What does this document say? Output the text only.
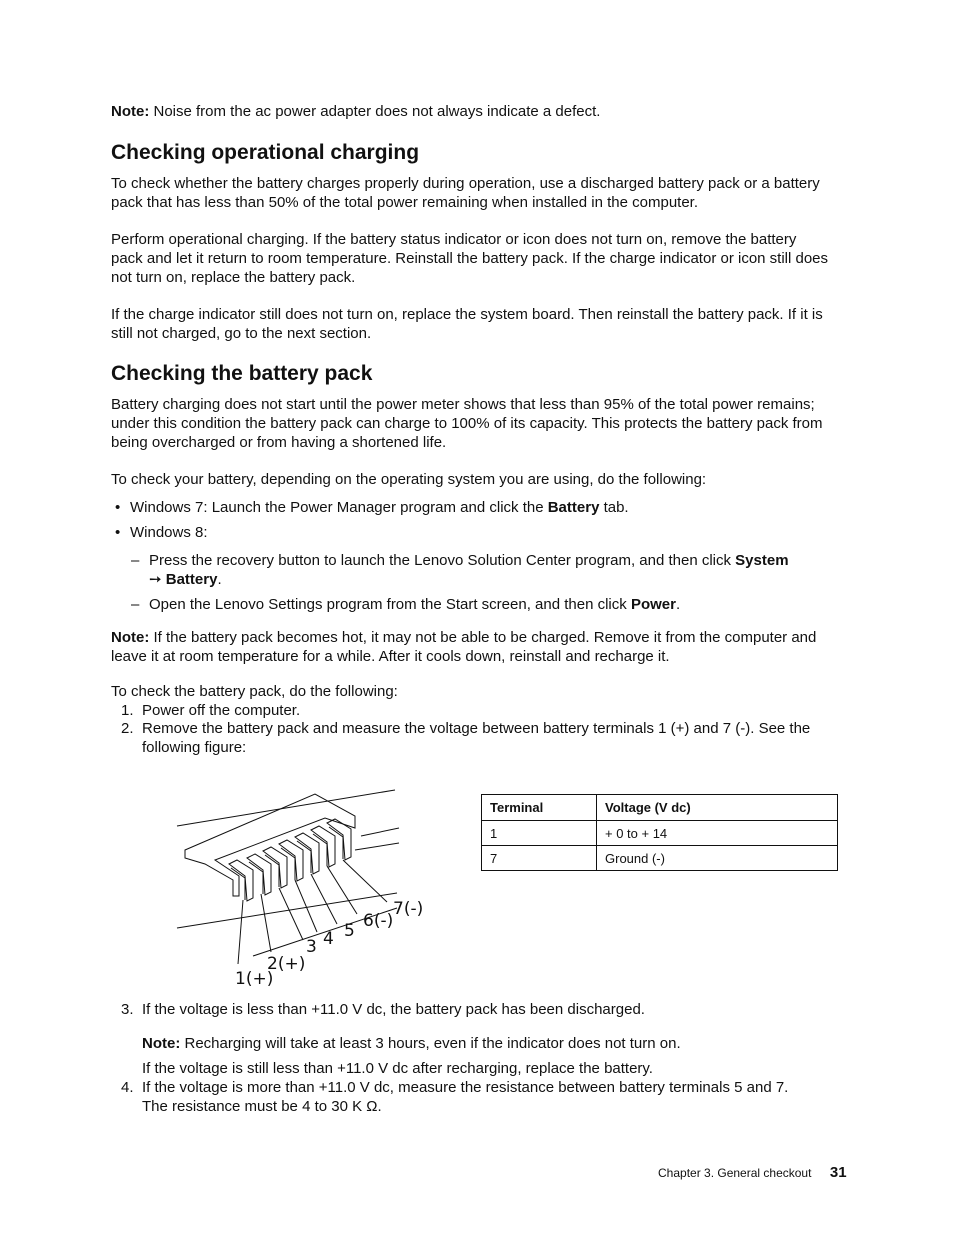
Note: Noise from the ac power adapter does not always indicate a defect.

Checking operational charging
To check whether the battery charges properly during operation, use a discharged battery pack or a battery
pack that has less than 50% of the total power remaining when installed in the computer.
Perform operational charging. If the battery status indicator or icon does not turn on, remove the battery
pack and let it return to room temperature. Reinstall the battery pack. If the charge indicator or icon still does
not turn on, replace the battery pack.
If the charge indicator still does not turn on, replace the system board. Then reinstall the battery pack. If it is
still not charged, go to the next section.
Checking the battery pack
Battery charging does not start until the power meter shows that less than 95% of the total power remains;
under this condition the battery pack can charge to 100% of its capacity. This protects the battery pack from
being overcharged or from having a shortened life.
To check your battery, depending on the operating system you are using, do the following:
• Windows 7: Launch the Power Manager program and click the Battery tab.
• Windows 8:
– Press the recovery button to launch the Lenovo Solution Center program, and then click System
➙ Battery.
– Open the Lenovo Settings program from the Start screen, and then click Power.
Note: If the battery pack becomes hot, it may not be able to be charged. Remove it from the computer and
leave it at room temperature for a while. After it cools down, reinstall and recharge it.
To check the battery pack, do the following:
1. Power off the computer.
2. Remove the battery pack and measure the voltage between battery terminals 1 (+) and 7 (-). See the
following figure:
1(+)
2(+)
3 4 5 6(-)
7(-)
Terminal	Voltage (V dc)
1	+ 0 to + 14
7	Ground (-)
3. If the voltage is less than +11.0 V dc, the battery pack has been discharged.
Note: Recharging will take at least 3 hours, even if the indicator does not turn on.
If the voltage is still less than +11.0 V dc after recharging, replace the battery.
4. If the voltage is more than +11.0 V dc, measure the resistance between battery terminals 5 and 7.
The resistance must be 4 to 30 K Ω.
Chapter 3. General checkout 31
